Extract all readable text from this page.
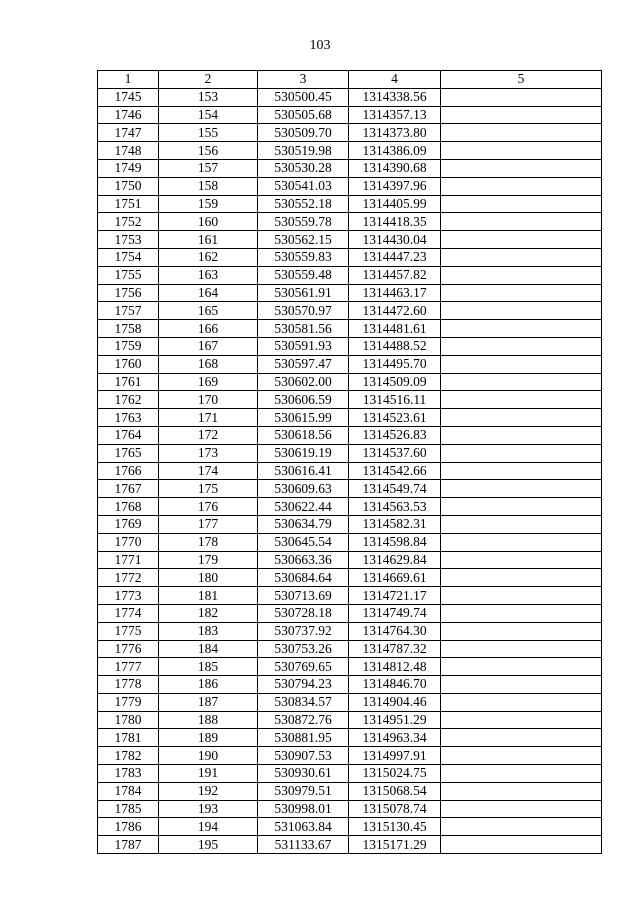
103
1	2	3	4	5
1745	153	530500.45	1314338.56	
1746	154	530505.68	1314357.13	
1747	155	530509.70	1314373.80	
1748	156	530519.98	1314386.09	
1749	157	530530.28	1314390.68	
1750	158	530541.03	1314397.96	
1751	159	530552.18	1314405.99	
1752	160	530559.78	1314418.35	
1753	161	530562.15	1314430.04	
1754	162	530559.83	1314447.23	
1755	163	530559.48	1314457.82	
1756	164	530561.91	1314463.17	
1757	165	530570.97	1314472.60	
1758	166	530581.56	1314481.61	
1759	167	530591.93	1314488.52	
1760	168	530597.47	1314495.70	
1761	169	530602.00	1314509.09	
1762	170	530606.59	1314516.11	
1763	171	530615.99	1314523.61	
1764	172	530618.56	1314526.83	
1765	173	530619.19	1314537.60	
1766	174	530616.41	1314542.66	
1767	175	530609.63	1314549.74	
1768	176	530622.44	1314563.53	
1769	177	530634.79	1314582.31	
1770	178	530645.54	1314598.84	
1771	179	530663.36	1314629.84	
1772	180	530684.64	1314669.61	
1773	181	530713.69	1314721.17	
1774	182	530728.18	1314749.74	
1775	183	530737.92	1314764.30	
1776	184	530753.26	1314787.32	
1777	185	530769.65	1314812.48	
1778	186	530794.23	1314846.70	
1779	187	530834.57	1314904.46	
1780	188	530872.76	1314951.29	
1781	189	530881.95	1314963.34	
1782	190	530907.53	1314997.91	
1783	191	530930.61	1315024.75	
1784	192	530979.51	1315068.54	
1785	193	530998.01	1315078.74	
1786	194	531063.84	1315130.45	
1787	195	531133.67	1315171.29	
